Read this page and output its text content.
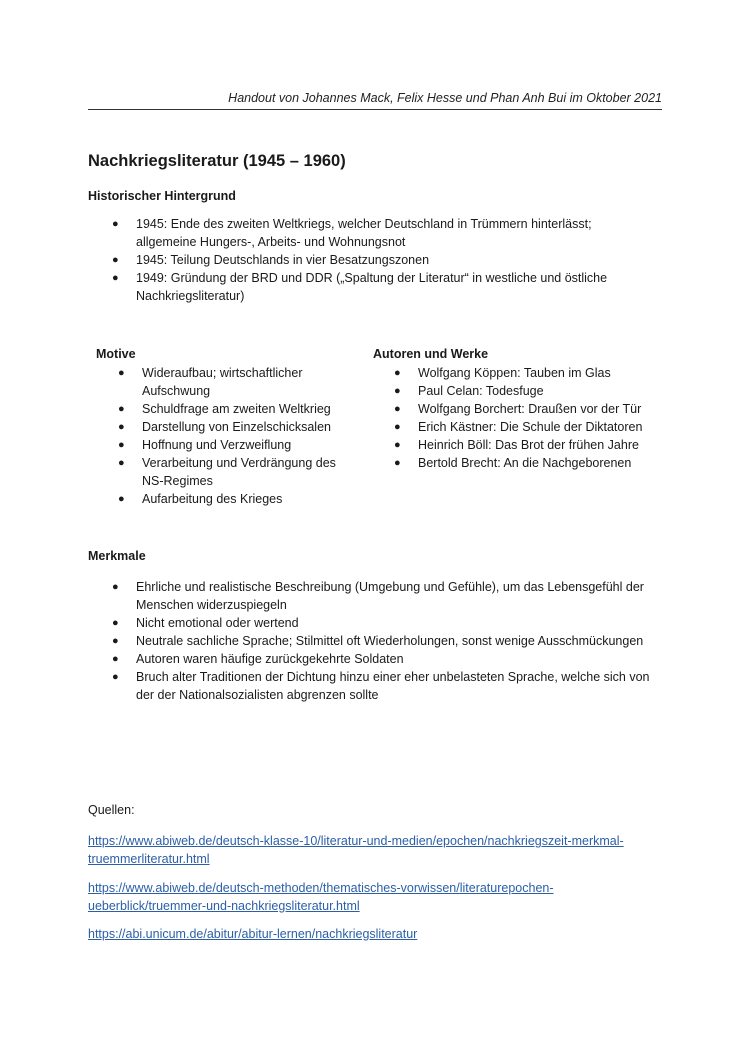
Handout von Johannes Mack, Felix Hesse und Phan Anh Bui im Oktober 2021
Nachkriegsliteratur (1945 – 1960)
Historischer Hintergrund
● 1945: Ende des zweiten Weltkriegs, welcher Deutschland in Trümmern hinterlässt; allgemeine Hungers-, Arbeits- und Wohnungsnot
● 1945: Teilung Deutschlands in vier Besatzungszonen
● 1949: Gründung der BRD und DDR („Spaltung der Literatur“ in westliche und östliche Nachkriegsliteratur)
Motive
● Wideraufbau; wirtschaftlicher Aufschwung
● Schuldfrage am zweiten Weltkrieg
● Darstellung von Einzelschicksalen
● Hoffnung und Verzweiflung
● Verarbeitung und Verdrängung des NS-Regimes
● Aufarbeitung des Krieges
Autoren und Werke
● Wolfgang Köppen: Tauben im Glas
● Paul Celan: Todesfuge
● Wolfgang Borchert: Draußen vor der Tür
● Erich Kästner: Die Schule der Diktatoren
● Heinrich Böll: Das Brot der frühen Jahre
● Bertold Brecht: An die Nachgeborenen
Merkmale
● Ehrliche und realistische Beschreibung (Umgebung und Gefühle), um das Lebensgefühl der Menschen widerzuspiegeln
● Nicht emotional oder wertend
● Neutrale sachliche Sprache; Stilmittel oft Wiederholungen, sonst wenige Ausschmückungen
● Autoren waren häufige zurückgekehrte Soldaten
● Bruch alter Traditionen der Dichtung hinzu einer eher unbelasteten Sprache, welche sich von der der Nationalsozialisten abgrenzen sollte
Quellen:
https://www.abiweb.de/deutsch-klasse-10/literatur-und-medien/epochen/nachkriegszeit-merkmal-truemmerliteratur.html
https://www.abiweb.de/deutsch-methoden/thematisches-vorwissen/literaturepochen-ueberblick/truemmer-und-nachkriegsliteratur.html
https://abi.unicum.de/abitur/abitur-lernen/nachkriegsliteratur
